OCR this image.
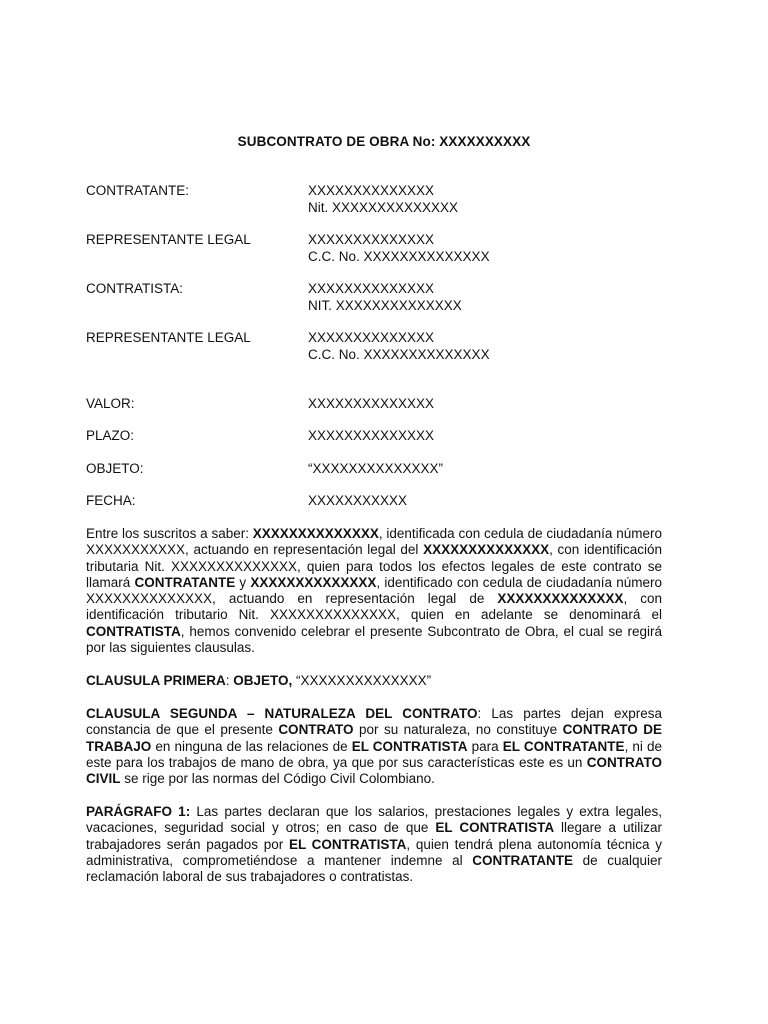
SUBCONTRATO DE OBRA No: XXXXXXXXXX
CONTRATANTE:	XXXXXXXXXXXXXX
Nit. XXXXXXXXXXXXXX
REPRESENTANTE LEGAL	XXXXXXXXXXXXXX
C.C. No. XXXXXXXXXXXXXX
CONTRATISTA:	XXXXXXXXXXXXXX
NIT. XXXXXXXXXXXXXX
REPRESENTANTE LEGAL	XXXXXXXXXXXXXX
C.C. No. XXXXXXXXXXXXXX
VALOR:	XXXXXXXXXXXXXX
PLAZO:	XXXXXXXXXXXXXX
OBJETO:	“XXXXXXXXXXXXXX”
FECHA:	XXXXXXXXXXX

Entre los suscritos a saber: XXXXXXXXXXXXXX, identificada con cedula de ciudadanía número XXXXXXXXXXX, actuando en representación legal del XXXXXXXXXXXXXX, con identificación tributaria Nit. XXXXXXXXXXXXXX, quien para todos los efectos legales de este contrato se llamará CONTRATANTE y XXXXXXXXXXXXXX, identificado con cedula de ciudadanía número XXXXXXXXXXXXXX, actuando en representación legal de XXXXXXXXXXXXXX, con identificación tributario Nit. XXXXXXXXXXXXXX, quien en adelante se denominará el CONTRATISTA, hemos convenido celebrar el presente Subcontrato de Obra, el cual se regirá por las siguientes clausulas.

CLAUSULA PRIMERA: OBJETO, “XXXXXXXXXXXXXX”

CLAUSULA SEGUNDA – NATURALEZA DEL CONTRATO: Las partes dejan expresa constancia de que el presente CONTRATO por su naturaleza, no constituye CONTRATO DE TRABAJO en ninguna de las relaciones de EL CONTRATISTA para EL CONTRATANTE, ni de este para los trabajos de mano de obra, ya que por sus características este es un CONTRATO CIVIL se rige por las normas del Código Civil Colombiano.

PARÁGRAFO 1: Las partes declaran que los salarios, prestaciones legales y extra legales, vacaciones, seguridad social y otros; en caso de que EL CONTRATISTA llegare a utilizar trabajadores serán pagados por EL CONTRATISTA, quien tendrá plena autonomía técnica y administrativa, comprometiéndose a mantener indemne al CONTRATANTE de cualquier reclamación laboral de sus trabajadores o contratistas.
